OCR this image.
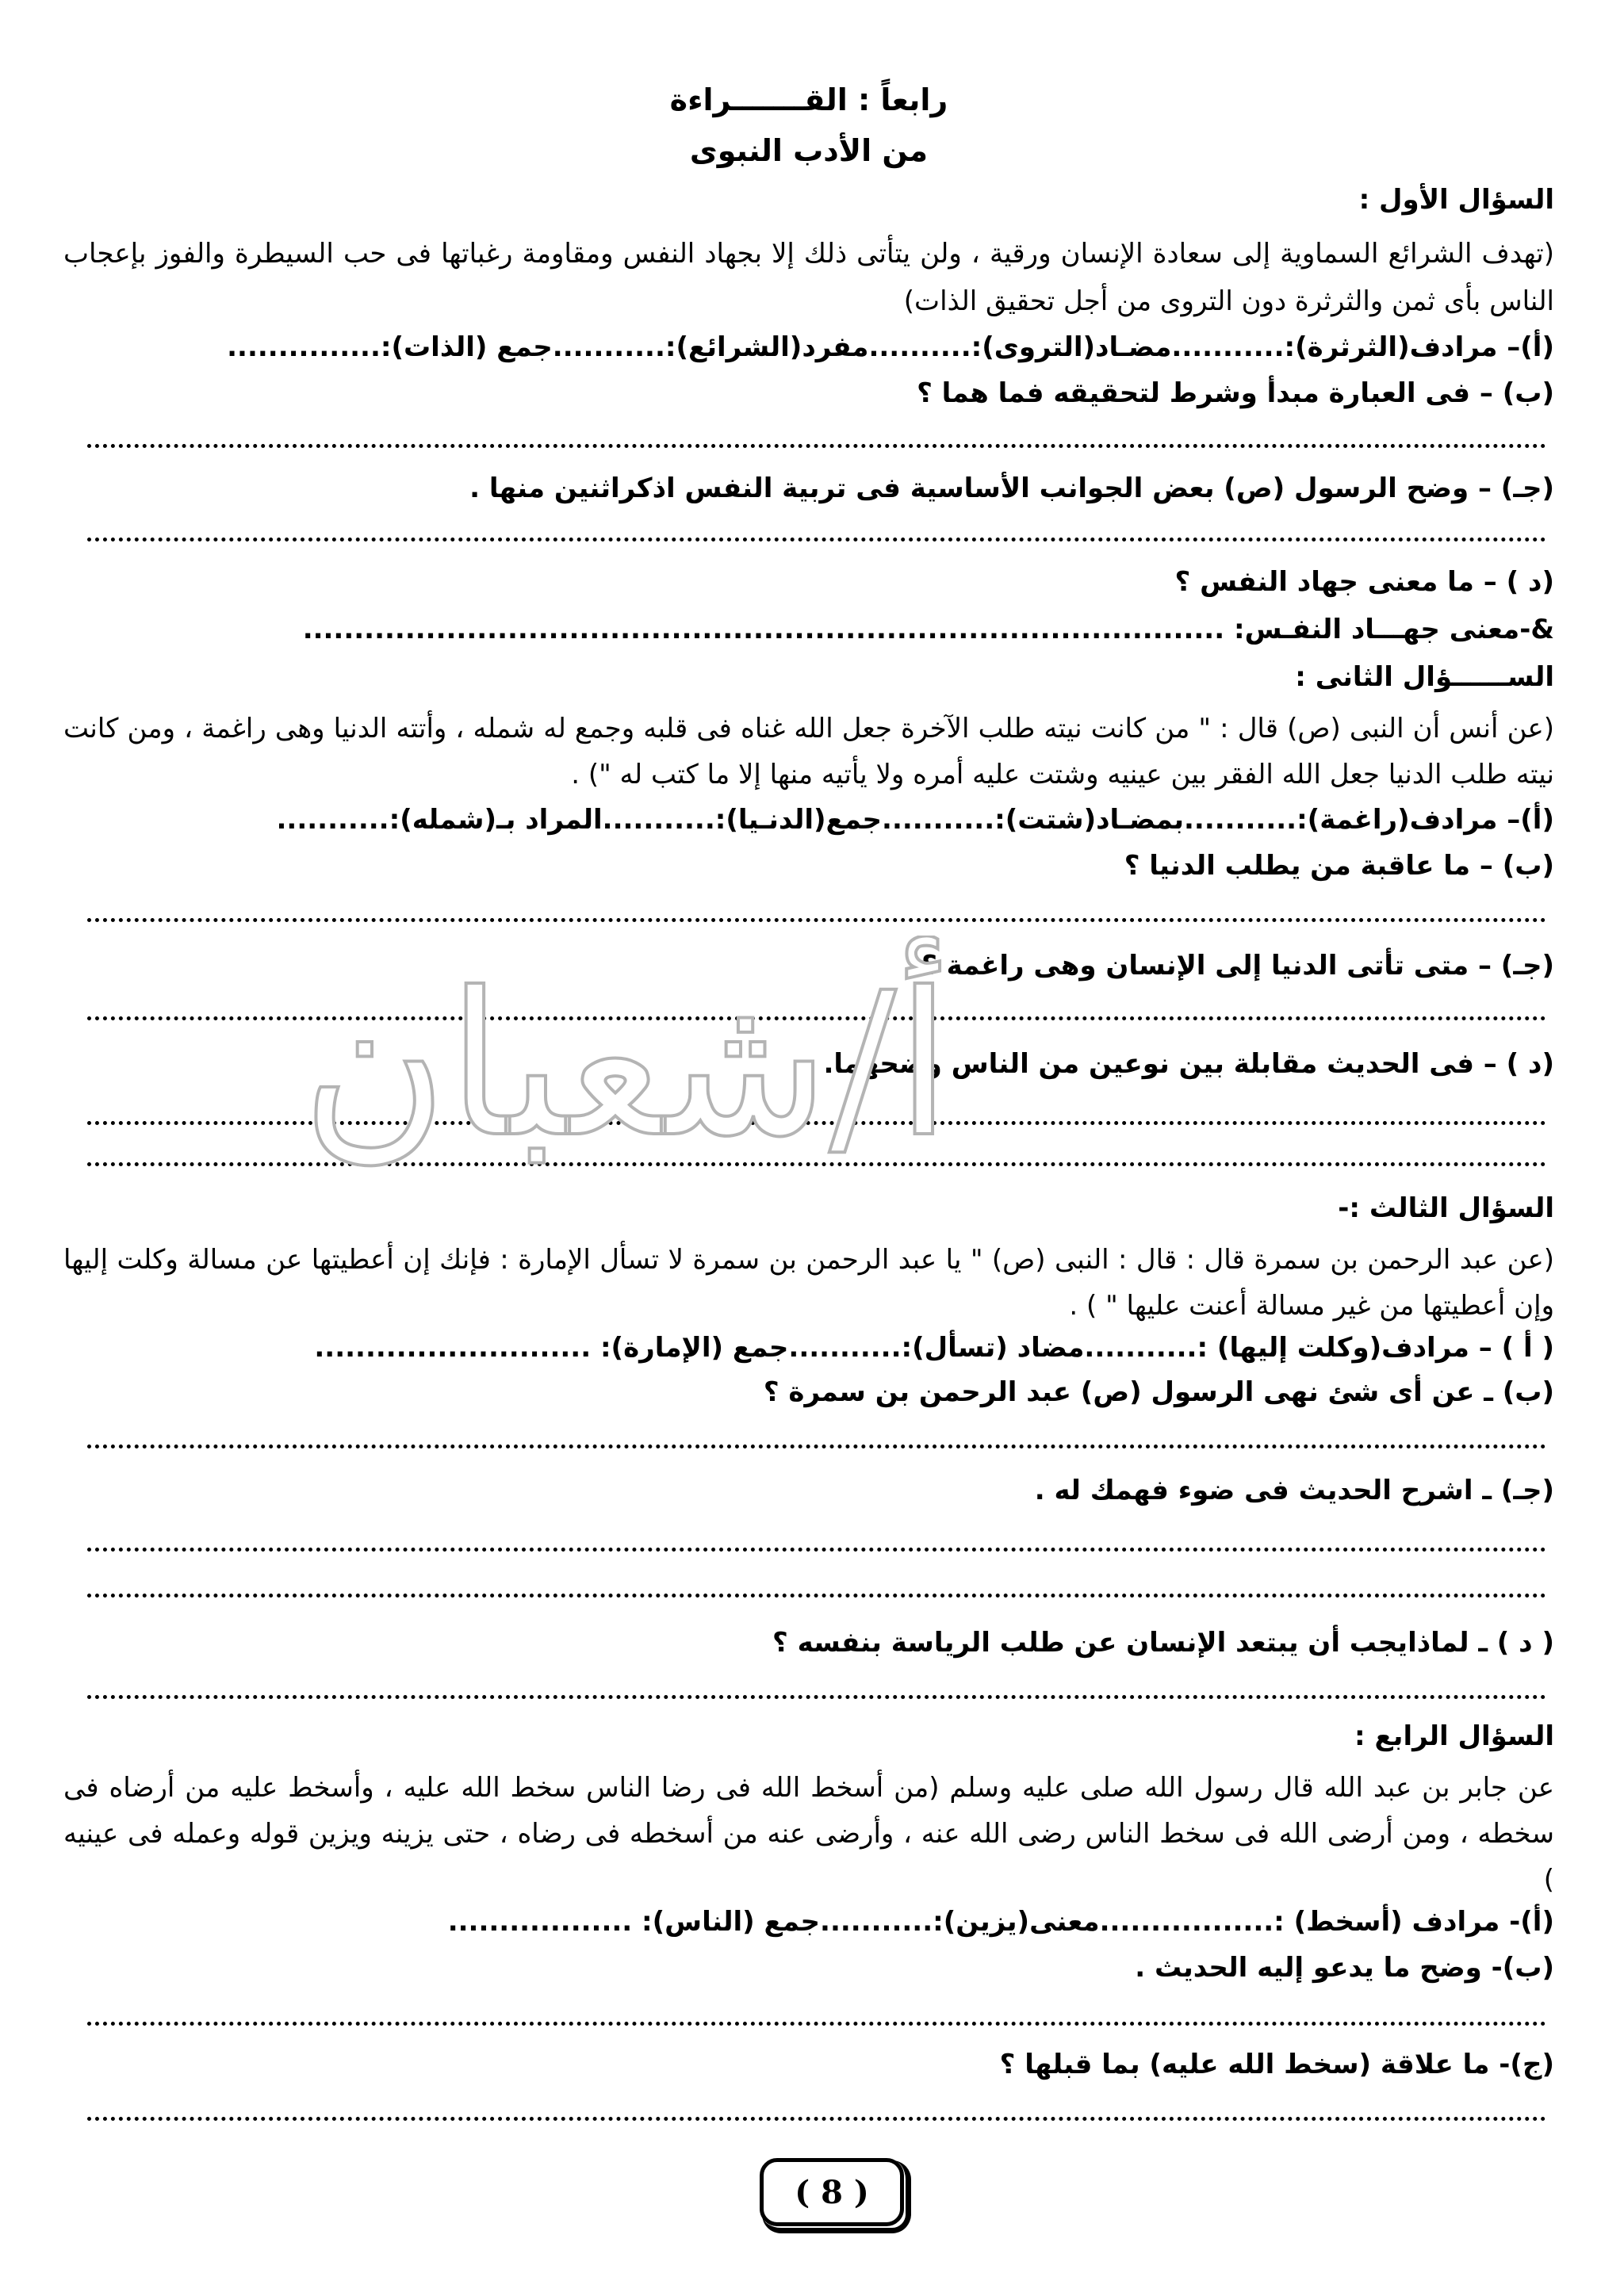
رابعاً : القـــــــراءة
من الأدب النبوى
السؤال الأول :
(تهدف الشرائع السماوية إلى سعادة الإنسان ورقية ، ولن يتأتى ذلك إلا بجهاد النفس ومقاومة رغباتها فى حب السيطرة والفوز بإعجاب الناس بأى ثمن والثرثرة دون التروى من أجل تحقيق الذات)
(أ)– مرادف(الثرثرة):...........مضـاد(التروى):..........مفرد(الشرائع):...........جمع (الذات):...............
(ب) – فى العبارة مبدأ وشرط لتحقيقه فما هما ؟
(جـ) – وضح الرسول (ص) بعض الجوانب الأساسية فى تربية النفس اذكراثنين منها .
(د ) – ما معنى جهاد النفس ؟
&-معنى جهـــاد النفـس: ..........................................................................................
الســــــؤال الثانى :
(عن أنس أن النبى (ص) قال : " من كانت نيته طلب الآخرة جعل الله غناه فى قلبه وجمع له شمله ، وأتته الدنيا وهى راغمة ، ومن كانت نيته طلب الدنيا جعل الله الفقر بين عينيه وشتت عليه أمره ولا يأتيه منها إلا ما كتب له ") .
(أ)– مرادف(راغمة):...........بمضـاد(شتت):...........جمع(الدنـيا):...........المراد بـ(شمله):...........
(ب) – ما عاقبة من يطلب الدنيا ؟
(جـ) – متى تأتى الدنيا إلى الإنسان وهى راغمة ؟
(د ) – فى الحديث مقابلة بين نوعين من الناس وضحهما.
أ/شعبان
السؤال الثالث :-
(عن عبد الرحمن بن سمرة قال : قال : النبى (ص) " يا عبد الرحمن بن سمرة لا تسأل الإمارة : فإنك إن أعطيتها عن مسالة وكلت إليها وإن أعطيتها من غير مسالة أعنت عليها " ) .
( أ ) – مرادف(وكلت إليها) :...........مضاد (تسأل):...........جمع (الإمارة): ...........................
(ب) ـ عن أى شئ نهى الرسول (ص) عبد الرحمن بن سمرة ؟
(جـ) ـ اشرح الحديث فى ضوء فهمك له .
( د ) ـ لماذايجب أن يبتعد الإنسان عن طلب الرياسة بنفسه ؟
السؤال الرابع :
عن جابر بن عبد الله قال رسول الله صلى عليه وسلم (من أسخط الله فى رضا الناس سخط الله عليه ، وأسخط عليه من أرضاه فى سخطه ، ومن أرضى الله فى سخط الناس رضى الله عنه ، وأرضى عنه من أسخطه فى رضاه ، حتى يزينه ويزين قوله وعمله فى عينيه )
(أ)- مرادف (أسخط) :.................معنى(يزين):...........جمع (الناس): ..................
(ب)- وضح ما يدعو إليه الحديث .
(ج)- ما علاقة (سخط الله عليه) بما قبلها ؟
( 8 )
